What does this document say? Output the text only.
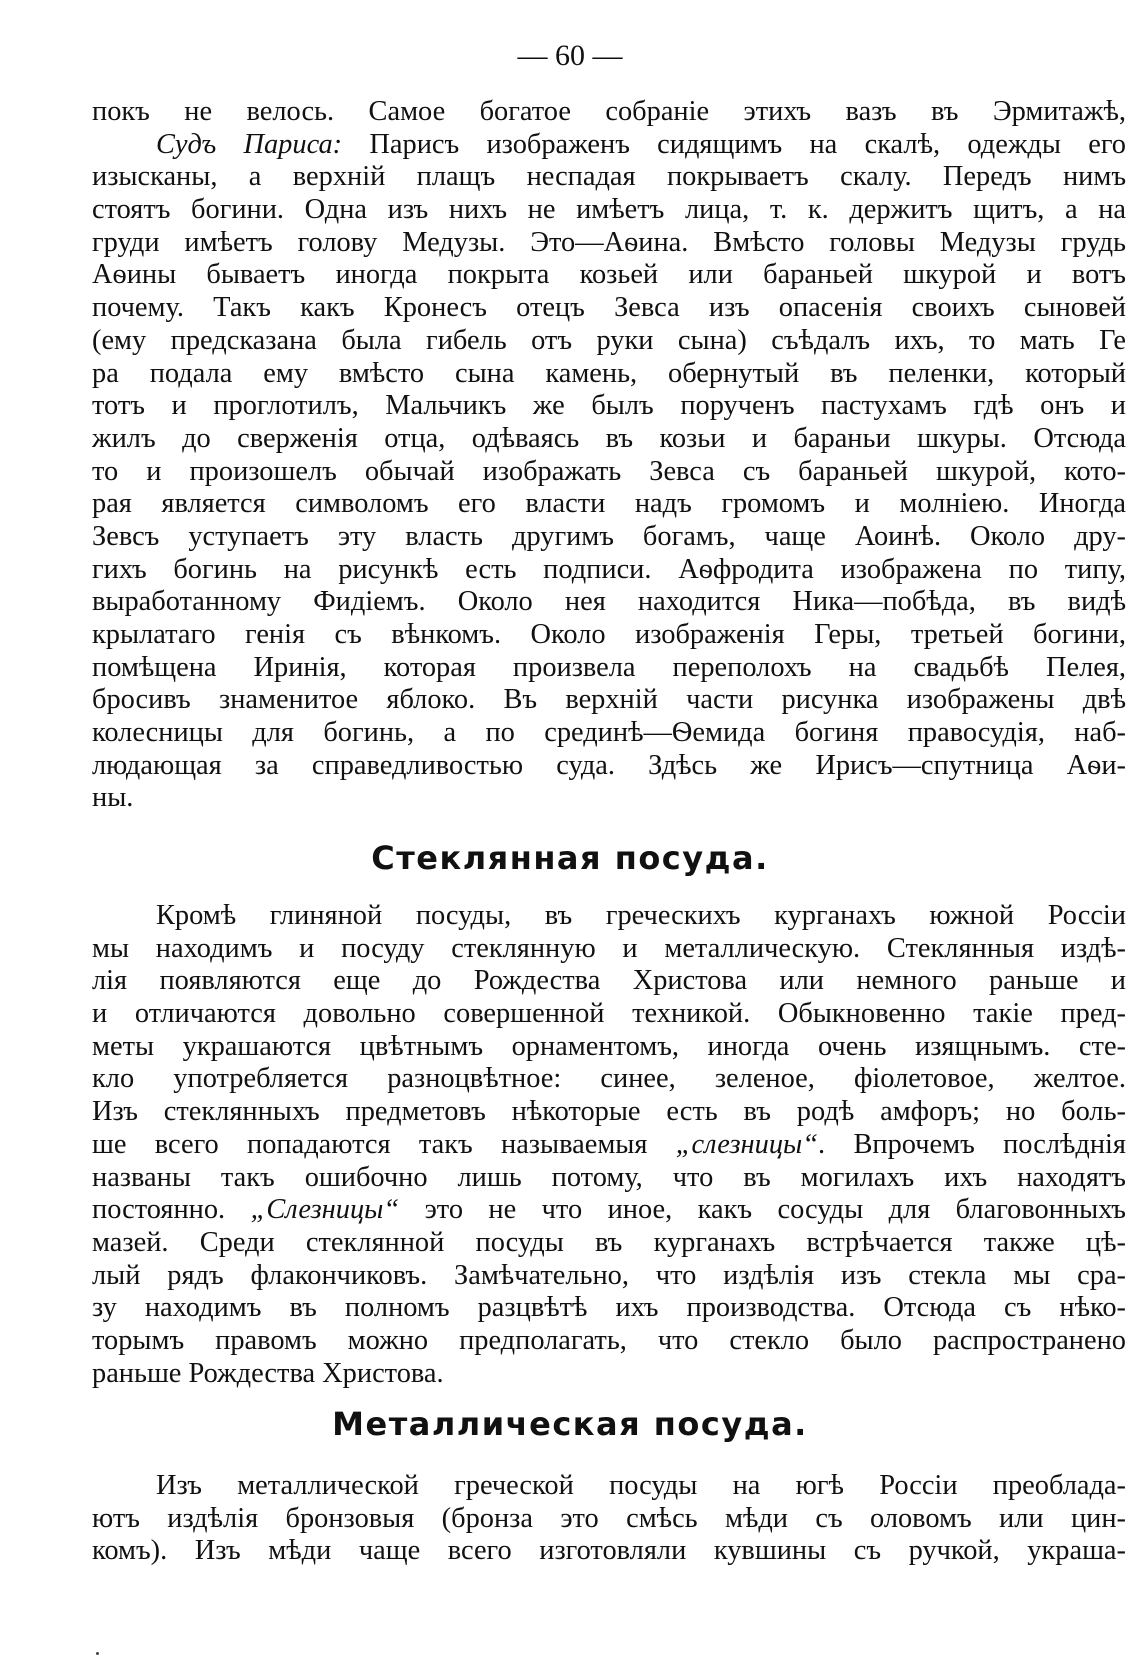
— 60 —
покъ не велось. Самое богатое собраніе этихъ вазъ въ Эрмитажѣ,
Судъ Париса: Парисъ изображенъ сидящимъ на скалѣ, одежды его
изысканы, а верхній плащъ неспадая покрываетъ скалу. Передъ нимъ
стоятъ богини. Одна изъ нихъ не имѣетъ лица, т. к. держитъ щитъ, а на
груди имѣетъ голову Медузы. Это—Аѳина. Вмѣсто головы Медузы грудь
Аѳины бываетъ иногда покрыта козьей или бараньей шкурой и вотъ
почему. Такъ какъ Кронесъ отецъ Зевса изъ опасенія своихъ сыновей
(ему предсказана была гибель отъ руки сына) съѣдалъ ихъ, то мать Ге
ра подала ему вмѣсто сына камень, обернутый въ пеленки, который
тотъ и проглотилъ, Мальчикъ же былъ порученъ пастухамъ гдѣ онъ и
жилъ до сверженія отца, одѣваясь въ козьи и бараньи шкуры. Отсюда
то и произошелъ обычай изображать Зевса съ бараньей шкурой, кото-
рая является символомъ его власти надъ громомъ и молніею. Иногда
Зевсъ уступаетъ эту власть другимъ богамъ, чаще Аоинѣ. Около дру-
гихъ богинь на рисункѣ есть подписи. Аѳфродита изображена по типу,
выработанному Фидіемъ. Около нея находится Ника—побѣда, въ видѣ
крылатаго генія съ вѣнкомъ. Около изображенія Геры, третьей богини,
помѣщена Иринія, которая произвела переполохъ на свадьбѣ Пелея,
бросивъ знаменитое яблоко. Въ верхній части рисунка изображены двѣ
колесницы для богинь, а по срединѣ—Ѳемида богиня правосудія, наб-
людающая за справедливостью суда. Здѣсь же Ирисъ—спутница Аѳи-
ны.
Стеклянная посуда.
Кромѣ глиняной посуды, въ греческихъ курганахъ южной Россіи
мы находимъ и посуду стеклянную и металлическую. Стеклянныя издѣ-
лія появляются еще до Рождества Христова или немного раньше и
и отличаются довольно совершенной техникой. Обыкновенно такіе пред-
меты украшаются цвѣтнымъ орнаментомъ, иногда очень изящнымъ. сте-
кло употребляется разноцвѣтное: синее, зеленое, фіолетовое, желтое.
Изъ стеклянныхъ предметовъ нѣкоторые есть въ родѣ амфоръ; но боль-
ше всего попадаются такъ называемыя „слезницы“. Впрочемъ послѣднія
названы такъ ошибочно лишь потому, что въ могилахъ ихъ находятъ
постоянно. „Слезницы“ это не что иное, какъ сосуды для благовонныхъ
мазей. Среди стеклянной посуды въ курганахъ встрѣчается также цѣ-
лый рядъ флакончиковъ. Замѣчательно, что издѣлія изъ стекла мы сра-
зу находимъ въ полномъ разцвѣтѣ ихъ производства. Отсюда съ нѣко-
торымъ правомъ можно предполагать, что стекло было распространено
раньше Рождества Христова.
Металлическая посуда.
Изъ металлической греческой посуды на югѣ Россіи преоблада-
ютъ издѣлія бронзовыя (бронза это смѣсь мѣди съ оловомъ или цин-
комъ). Изъ мѣди чаще всего изготовляли кувшины съ ручкой, украша-
